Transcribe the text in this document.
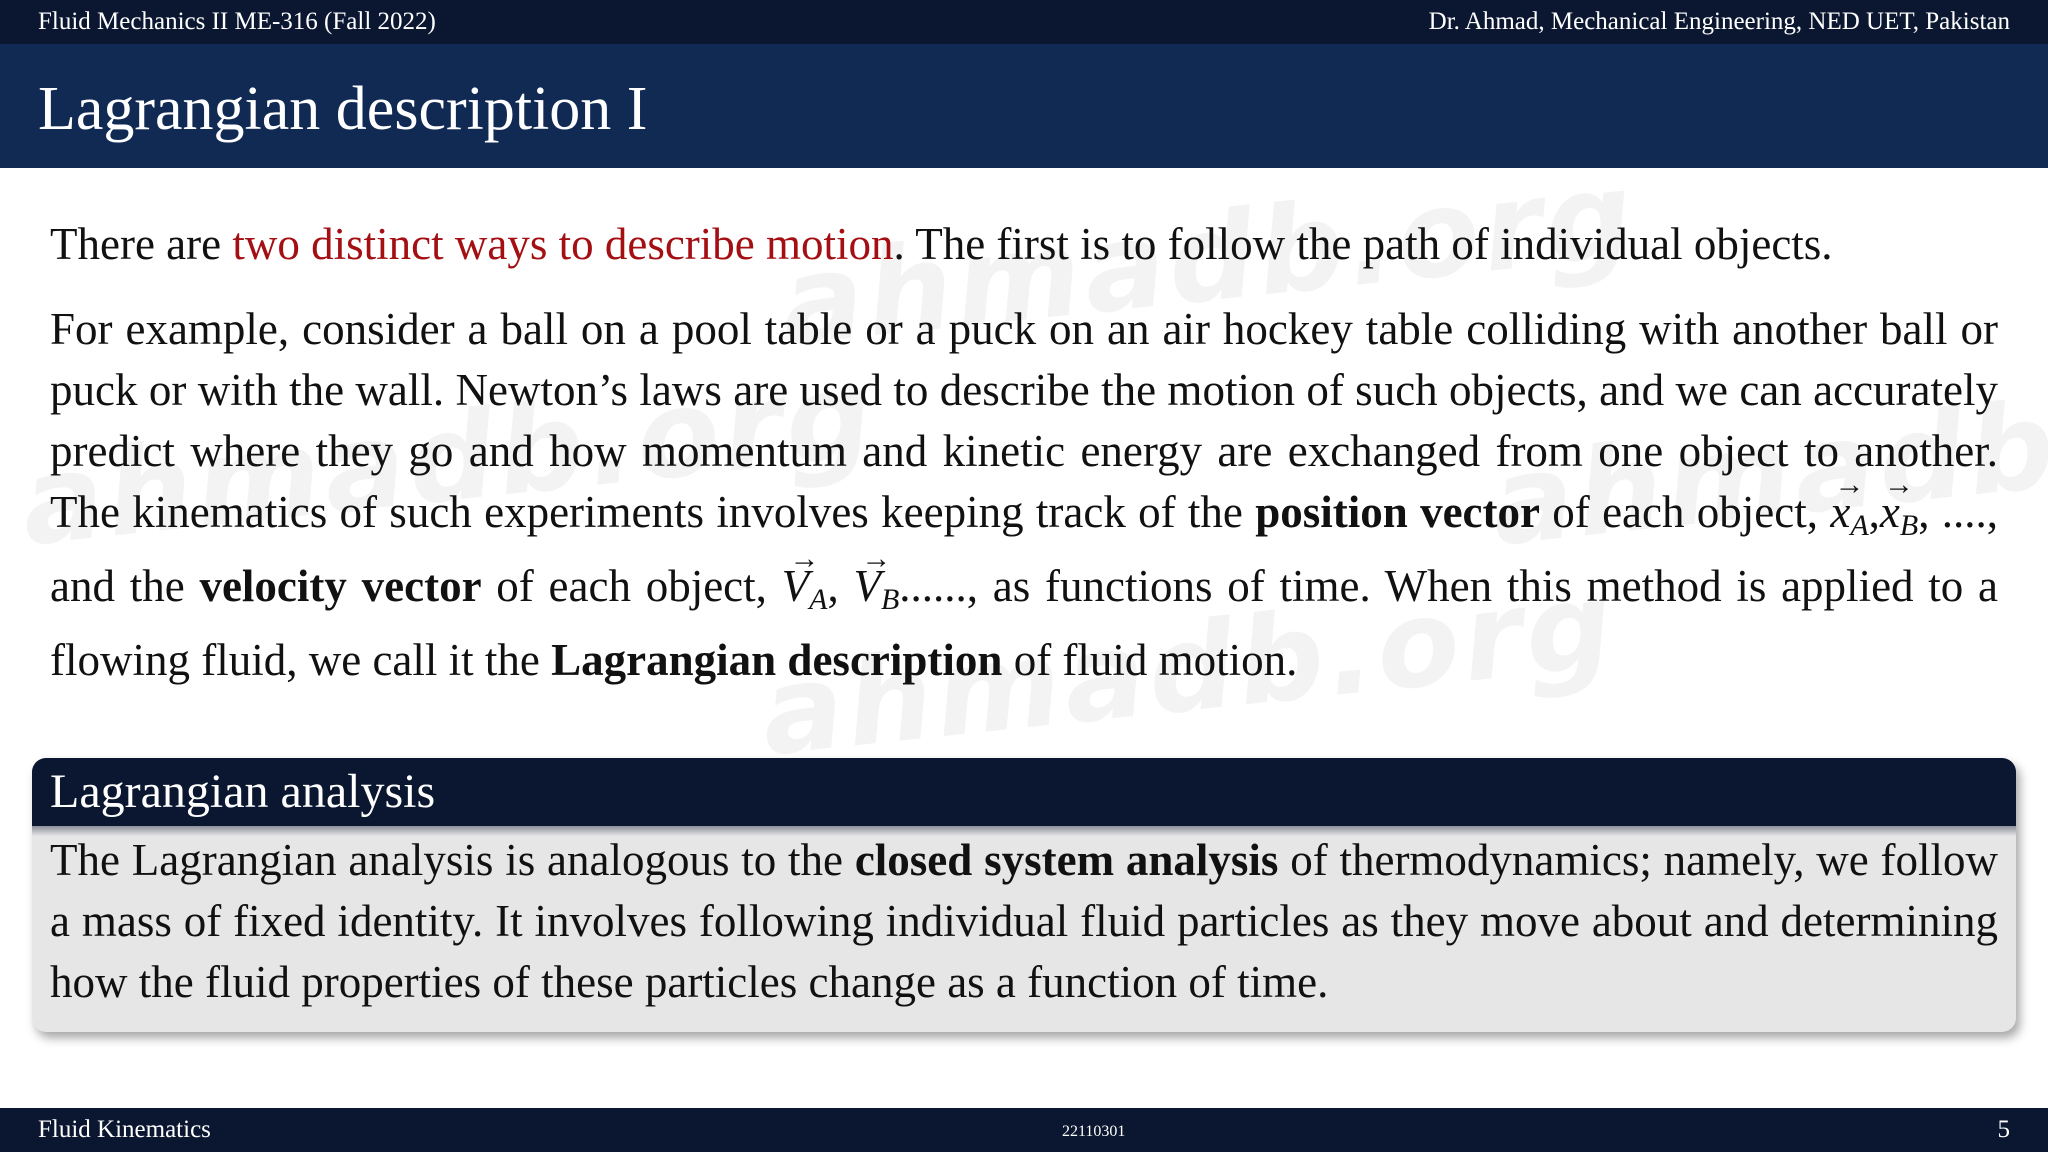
Fluid Mechanics II ME-316 (Fall 2022)	Dr. Ahmad, Mechanical Engineering, NED UET, Pakistan
Lagrangian description I

There are two distinct ways to describe motion. The first is to follow the path of individual objects.

For example, consider a ball on a pool table or a puck on an air hockey table colliding with another ball or puck or with the wall. Newton’s laws are used to describe the motion of such objects, and we can accurately predict where they go and how momentum and kinetic energy are exchanged from one object to another. The kinematics of such experiments involves keeping track of the position vector of each object,
→
$x_A$,
→
$x_B$, ...., and the velocity vector of each object,
→
$V_A$,
→
$V_B$......, as functions of time. When this method is applied to a flowing fluid, we call it the Lagrangian description of fluid motion.

Lagrangian analysis
The Lagrangian analysis is analogous to the closed system analysis of thermodynamics; namely, we follow a mass of fixed identity. It involves following individual fluid particles as they move about and determining how the fluid properties of these particles change as a function of time.
Fluid Kinematics	22110301	5
